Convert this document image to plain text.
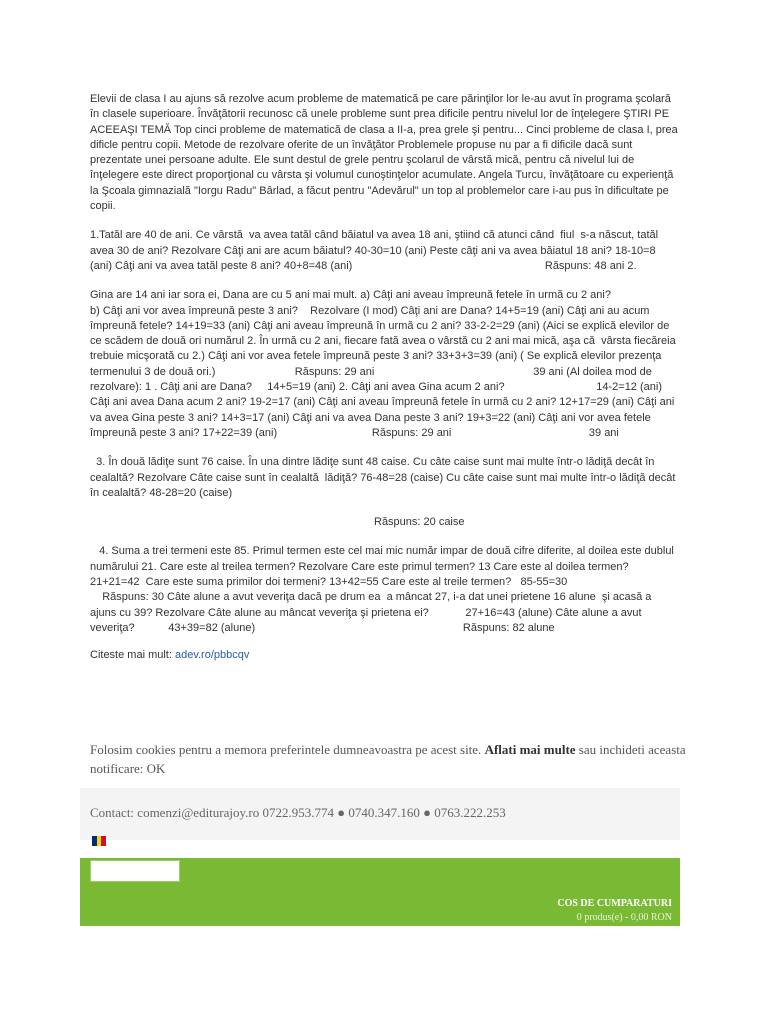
Elevii de clasa I au ajuns să rezolve acum probleme de matematică pe care părinţilor lor le-au avut în programa şcolară în clasele superioare. Învăţătorii recunosc că unele probleme sunt prea dificile pentru nivelul lor de înţelegere ŞTIRI PE ACEEAŞI TEMĂ Top cinci probleme de matematică de clasa a II-a, prea grele şi pentru... Cinci probleme de clasa I, prea dificle pentru copii. Metode de rezolvare oferite de un învăţător Problemele propuse nu par a fi dificile dacă sunt prezentate unei persoane adulte. Ele sunt destul de grele pentru şcolarul de vârstă mică, pentru că nivelul lui de înţelegere este direct proporţional cu vârsta şi volumul cunoştinţelor acumulate. Angela Turcu, învăţătoare cu experienţă la Şcoala gimnazială "Iorgu Radu" Bârlad, a făcut pentru "Adevărul" un top al problemelor care i-au pus în dificultate pe copii.

1.Tatăl are 40 de ani. Ce vârstă  va avea tatăl când băiatul va avea 18 ani, ştiind că atunci când  fiul  s-a născut, tatăl avea 30 de ani? Rezolvare Câţi ani are acum băiatul? 40-30=10 (ani) Peste câţi ani va avea băiatul 18 ani? 18-10=8 (ani) Câţi ani va avea tatăl peste 8 ani? 40+8=48 (ani)                                                               Răspuns: 48 ani 2.

Gina are 14 ani iar sora ei, Dana are cu 5 ani mai mult. a) Câţi ani aveau împreună fetele în urmă cu 2 ani?                              b) Câţi ani vor avea împreună peste 3 ani?    Rezolvare (I mod) Câţi ani are Dana? 14+5=19 (ani) Câţi ani au acum împreună fetele? 14+19=33 (ani) Câţi ani aveau împreună în urmă cu 2 ani? 33-2-2=29 (ani) (Aici se explică elevilor de ce scădem de două ori numărul 2. În urmă cu 2 ani, fiecare fată avea o vârstă cu 2 ani mai mică, aşa că  vârsta fiecăreia trebuie micşorată cu 2.) Câţi ani vor avea fetele împreună peste 3 ani? 33+3+3=39 (ani) ( Se explică elevilor prezenţa termenului 3 de două ori.)                          Răspuns: 29 ani                                                    39 ani (Al doilea mod de rezolvare): 1 . Câţi ani are Dana?     14+5=19 (ani) 2. Câţi ani avea Gina acum 2 ani?                              14-2=12 (ani) Câţi ani avea Dana acum 2 ani? 19-2=17 (ani) Câţi ani aveau împreună fetele în urmă cu 2 ani? 12+17=29 (ani) Câţi ani va avea Gina peste 3 ani? 14+3=17 (ani) Câţi ani va avea Dana peste 3 ani? 19+3=22 (ani) Câţi ani vor avea fetele împreună peste 3 ani? 17+22=39 (ani)                               Răspuns: 29 ani                                             39 ani

3. În două lădiţe sunt 76 caise. În una dintre lădiţe sunt 48 caise. Cu câte caise sunt mai multe într-o lădiţă decât în cealaltă? Rezolvare Câte caise sunt în cealaltă  lădiţă? 76-48=28 (caise) Cu câte caise sunt mai multe într-o lădiţă decât în cealaltă? 48-28=20 (caise)

Răspuns: 20 caise

4. Suma a trei termeni este 85. Primul termen este cel mai mic număr impar de două cifre diferite, al doilea este dublul numărului 21. Care este al treilea termen? Rezolvare Care este primul termen? 13 Care este al doilea termen? 21+21=42  Care este suma primilor doi termeni? 13+42=55 Care este al treile termen?   85-55=30
Răspuns: 30 Câte alune a avut veveriţa dacă pe drum ea  a mâncat 27, i-a dat unei prietene 16 alune  şi acasă a ajuns cu 39? Rezolvare Câte alune au mâncat veveriţa şi prietena ei?            27+16=43 (alune) Câte alune a avut veveriţa?           43+39=82 (alune)                                                                    Răspuns: 82 alune

Citeste mai mult: adev.ro/pbbcqv

Folosim cookies pentru a memora preferintele dumneavoastra pe acest site. Aflati mai multe sau inchideti aceasta notificare: OK
Contact: comenzi@editurajoy.ro 0722.953.774 ● 0740.347.160 ● 0763.222.253
COS DE CUMPARATURI
0 produs(e) - 0,00 RON
